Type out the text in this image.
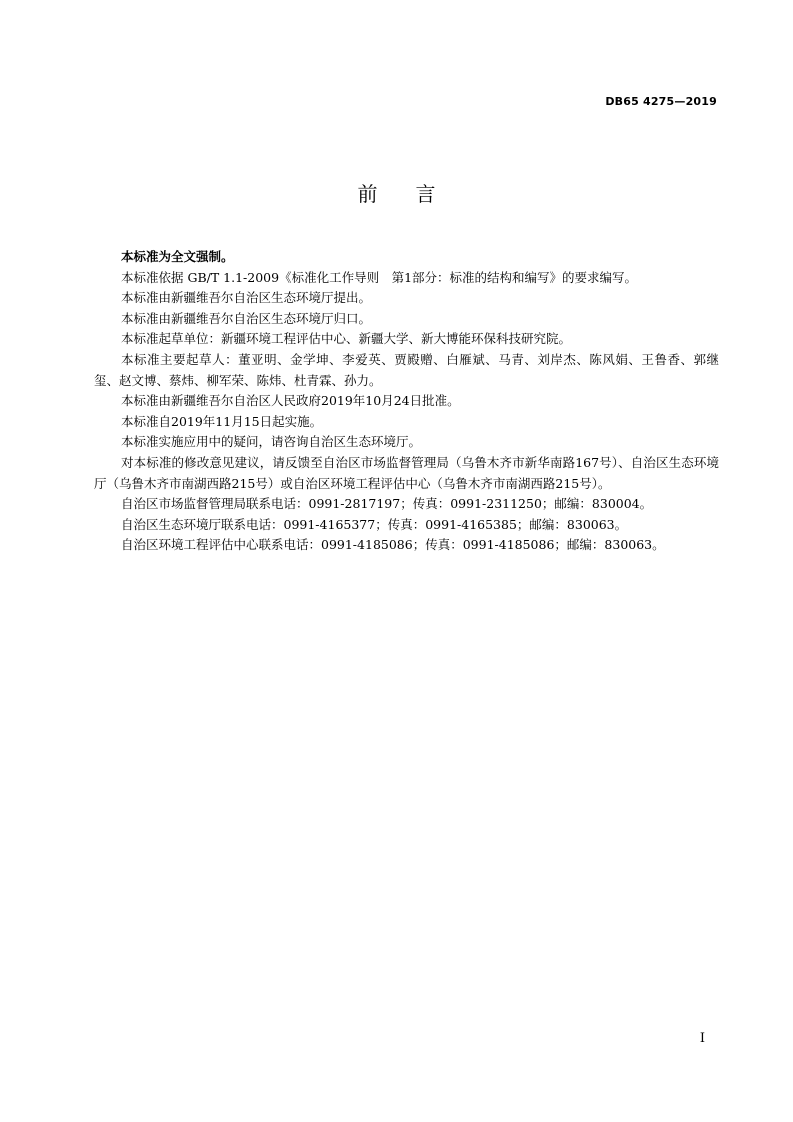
DB65 4275—2019
前言

本标准为全文强制。

本标准依据 GB/T 1.1-2009《标准化工作导则　第1部分：标准的结构和编写》的要求编写。

本标准由新疆维吾尔自治区生态环境厅提出。

本标准由新疆维吾尔自治区生态环境厅归口。

本标准起草单位：新疆环境工程评估中心、新疆大学、新大博能环保科技研究院。

本标准主要起草人：董亚明、金学坤、李爱英、贾殿赠、白雁斌、马青、刘岸杰、陈风娟、王鲁香、郭继玺、赵文博、蔡炜、柳军荣、陈炜、杜青霖、孙力。

本标准由新疆维吾尔自治区人民政府2019年10月24日批准。

本标准自2019年11月15日起实施。

本标准实施应用中的疑问，请咨询自治区生态环境厅。

对本标准的修改意见建议，请反馈至自治区市场监督管理局（乌鲁木齐市新华南路167号）、自治区生态环境厅（乌鲁木齐市南湖西路215号）或自治区环境工程评估中心（乌鲁木齐市南湖西路215号）。

自治区市场监督管理局联系电话：0991-2817197；传真：0991-2311250；邮编：830004。

自治区生态环境厅联系电话：0991-4165377；传真：0991-4165385；邮编：830063。

自治区环境工程评估中心联系电话：0991-4185086；传真：0991-4185086；邮编：830063。

I
